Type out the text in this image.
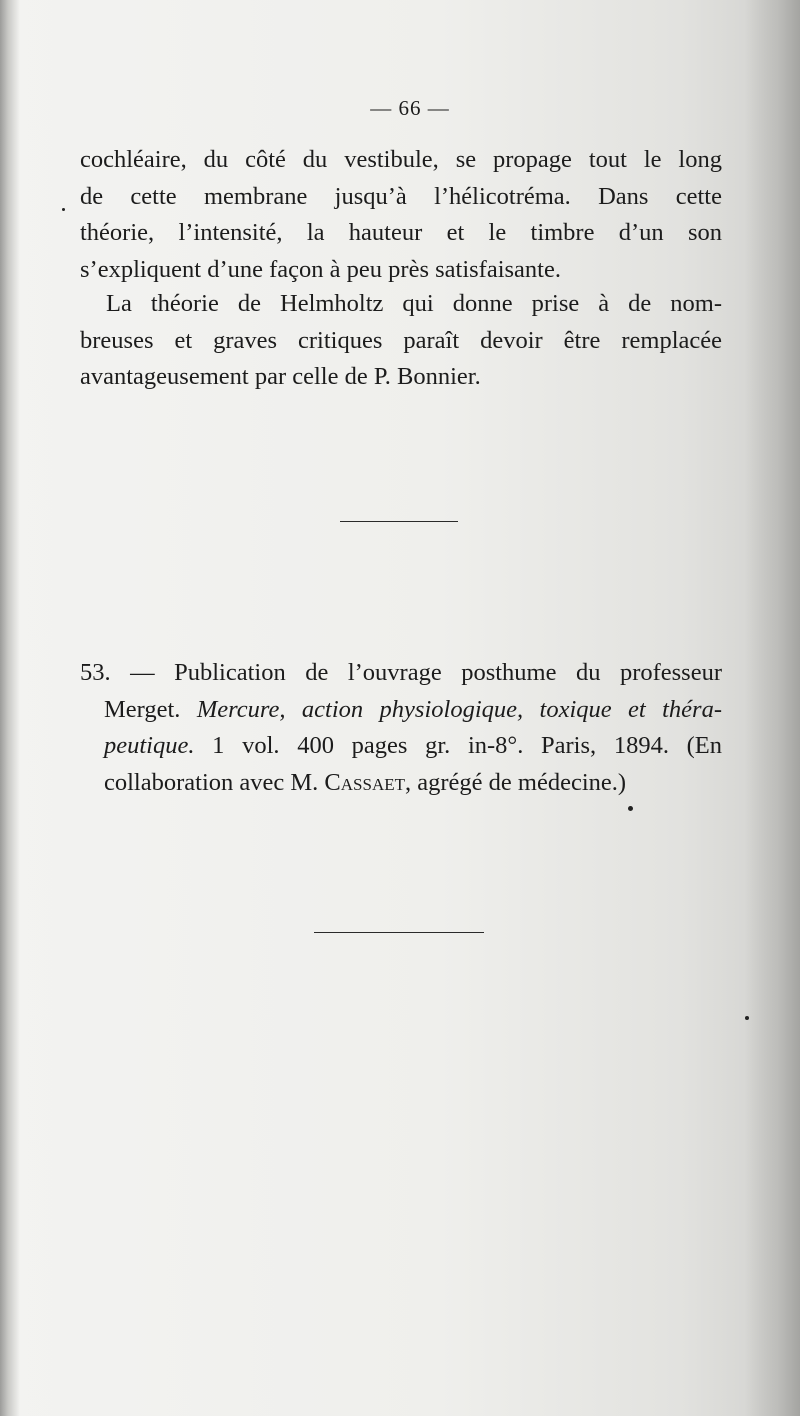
— 66 —
cochléaire, du côté du vestibule, se propage tout le long
de cette membrane jusqu’à l’hélicotréma. Dans cette
théorie, l’intensité, la hauteur et le timbre d’un son
s’expliquent d’une façon à peu près satisfaisante.
La théorie de Helmholtz qui donne prise à de nom-
breuses et graves critiques paraît devoir être remplacée
avantageusement par celle de P. Bonnier.
53. — Publication de l’ouvrage posthume du professeur
Merget. Mercure, action physiologique, toxique et théra-
peutique. 1 vol. 400 pages gr. in-8°. Paris, 1894. (En
collaboration avec M. Cassaet, agrégé de médecine.)
